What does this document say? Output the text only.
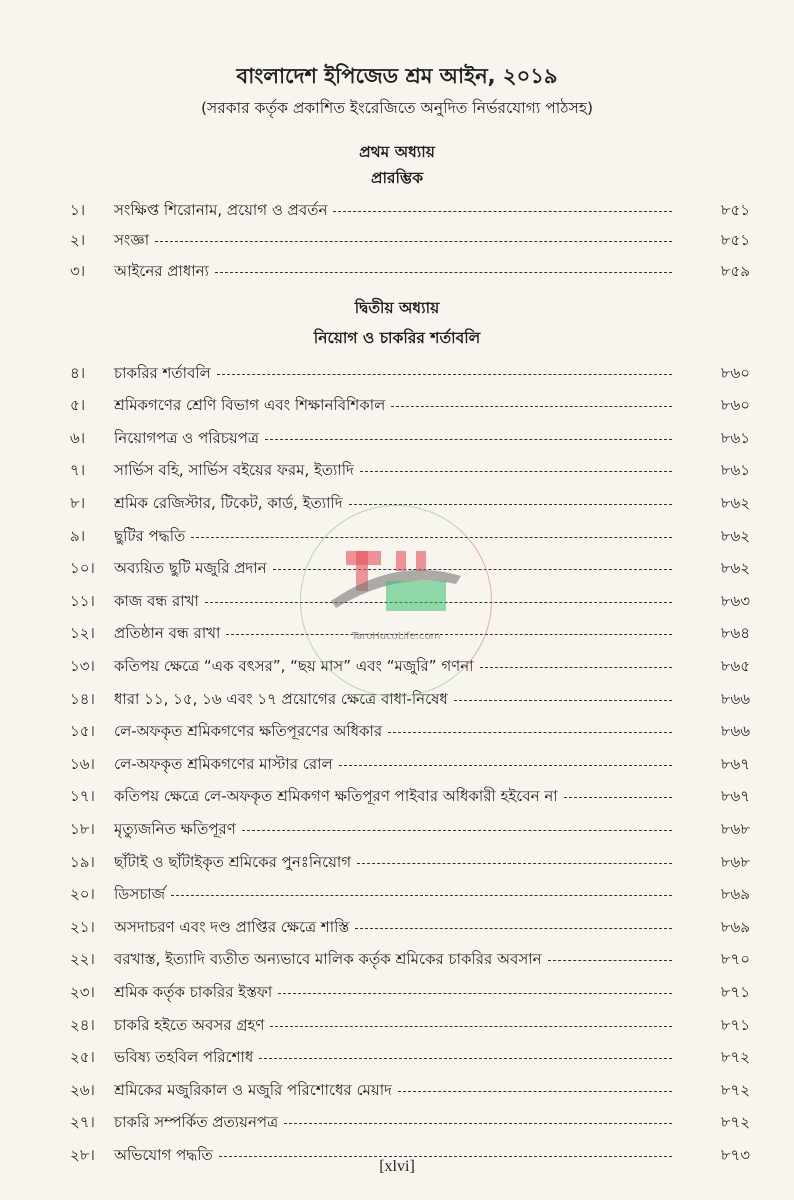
বাংলাদেশ ইপিজেড শ্রম আইন, ২০১৯
(সরকার কর্তৃক প্রকাশিত ইংরেজিতে অনুদিত নির্ভরযোগ্য পাঠসহ)
প্রথম অধ্যায়
প্রারম্ভিক
১।	সংক্ষিপ্ত শিরোনাম, প্রয়োগ ও প্রবর্তন	৮৫১
২।	সংজ্ঞা	৮৫১
৩।	আইনের প্রাধান্য	৮৫৯
দ্বিতীয় অধ্যায়
নিয়োগ ও চাকরির শর্তাবলি
৪।	চাকরির শর্তাবলি	৮৬০
৫।	শ্রমিকগণের শ্রেণি বিভাগ এবং শিক্ষানবিশিকাল	৮৬০
৬।	নিয়োগপত্র ও পরিচয়পত্র	৮৬১
৭।	সার্ভিস বহি, সার্ভিস বইয়ের ফরম, ইত্যাদি	৮৬১
৮।	শ্রমিক রেজিস্টার, টিকেট, কার্ড, ইত্যাদি	৮৬২
৯।	ছুটির পদ্ধতি	৮৬২
১০।	অব্যয়িত ছুটি মজুরি প্রদান	৮৬২
১১।	কাজ বন্ধ রাখা	৮৬৩
১২।	প্রতিষ্ঠান বন্ধ রাখা	৮৬৪
১৩।	কতিপয় ক্ষেত্রে “এক বৎসর”, “ছয় মাস” এবং “মজুরি” গণনা	৮৬৫
১৪।	ধারা ১১, ১৫, ১৬ এবং ১৭ প্রয়োগের ক্ষেত্রে বাধা-নিষেধ	৮৬৬
১৫।	লে-অফকৃত শ্রমিকগণের ক্ষতিপূরণের অধিকার	৮৬৬
১৬।	লে-অফকৃত শ্রমিকগণের মাস্টার রোল	৮৬৭
১৭।	কতিপয় ক্ষেত্রে লে-অফকৃত শ্রমিকগণ ক্ষতিপূরণ পাইবার অধিকারী হইবেন না	৮৬৭
১৮।	মৃত্যুজনিত ক্ষতিপূরণ	৮৬৮
১৯।	ছাঁটাই ও ছাঁটাইকৃত শ্রমিকের পুনঃনিয়োগ	৮৬৮
২০।	ডিসচার্জ	৮৬৯
২১।	অসদাচরণ এবং দণ্ড প্রাপ্তির ক্ষেত্রে শাস্তি	৮৬৯
২২।	বরখাস্ত, ইত্যাদি ব্যতীত অন্যভাবে মালিক কর্তৃক শ্রমিকের চাকরির অবসান	৮৭০
২৩।	শ্রমিক কর্তৃক চাকরির ইস্তফা	৮৭১
২৪।	চাকরি হইতে অবসর গ্রহণ	৮৭১
২৫।	ভবিষ্য তহবিল পরিশোধ	৮৭২
২৬।	শ্রমিকের মজুরিকাল ও মজুরি পরিশোধের মেয়াদ	৮৭২
২৭।	চাকরি সম্পর্কিত প্রত্যয়নপত্র	৮৭২
২৮।	অভিযোগ পদ্ধতি	৮৭৩
TaroHucoLife.com
[xlvi]
